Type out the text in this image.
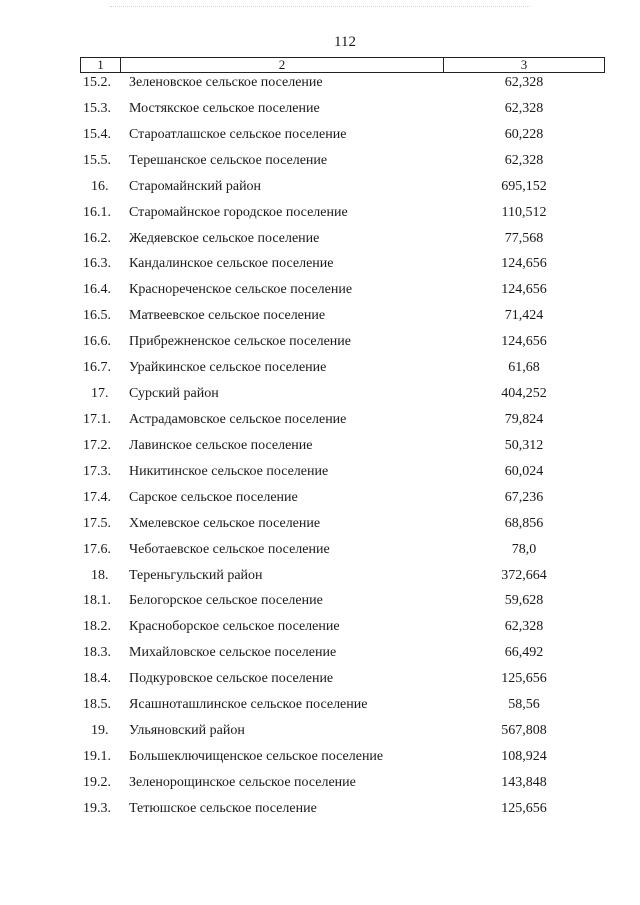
112
1	2	3
15.2.	Зеленовское сельское поселение	62,328
15.3.	Мостякское сельское поселение	62,328
15.4.	Староатлашское сельское поселение	60,228
15.5.	Терешанское сельское поселение	62,328
16.	Старомайнский район	695,152
16.1.	Старомайнское городское поселение	110,512
16.2.	Жедяевское сельское поселение	77,568
16.3.	Кандалинское сельское поселение	124,656
16.4.	Краснореченское сельское поселение	124,656
16.5.	Матвеевское сельское поселение	71,424
16.6.	Прибрежненское сельское поселение	124,656
16.7.	Урайкинское сельское поселение	61,68
17.	Сурский район	404,252
17.1.	Астрадамовское сельское поселение	79,824
17.2.	Лавинское сельское поселение	50,312
17.3.	Никитинское сельское поселение	60,024
17.4.	Сарское сельское поселение	67,236
17.5.	Хмелевское сельское поселение	68,856
17.6.	Чеботаевское сельское поселение	78,0
18.	Тереньгульский район	372,664
18.1.	Белогорское сельское поселение	59,628
18.2.	Красноборское сельское поселение	62,328
18.3.	Михайловское сельское поселение	66,492
18.4.	Подкуровское сельское поселение	125,656
18.5.	Ясашноташлинское сельское поселение	58,56
19.	Ульяновский район	567,808
19.1.	Большеключищенское сельское поселение	108,924
19.2.	Зеленорощинское сельское поселение	143,848
19.3.	Тетюшское сельское поселение	125,656
